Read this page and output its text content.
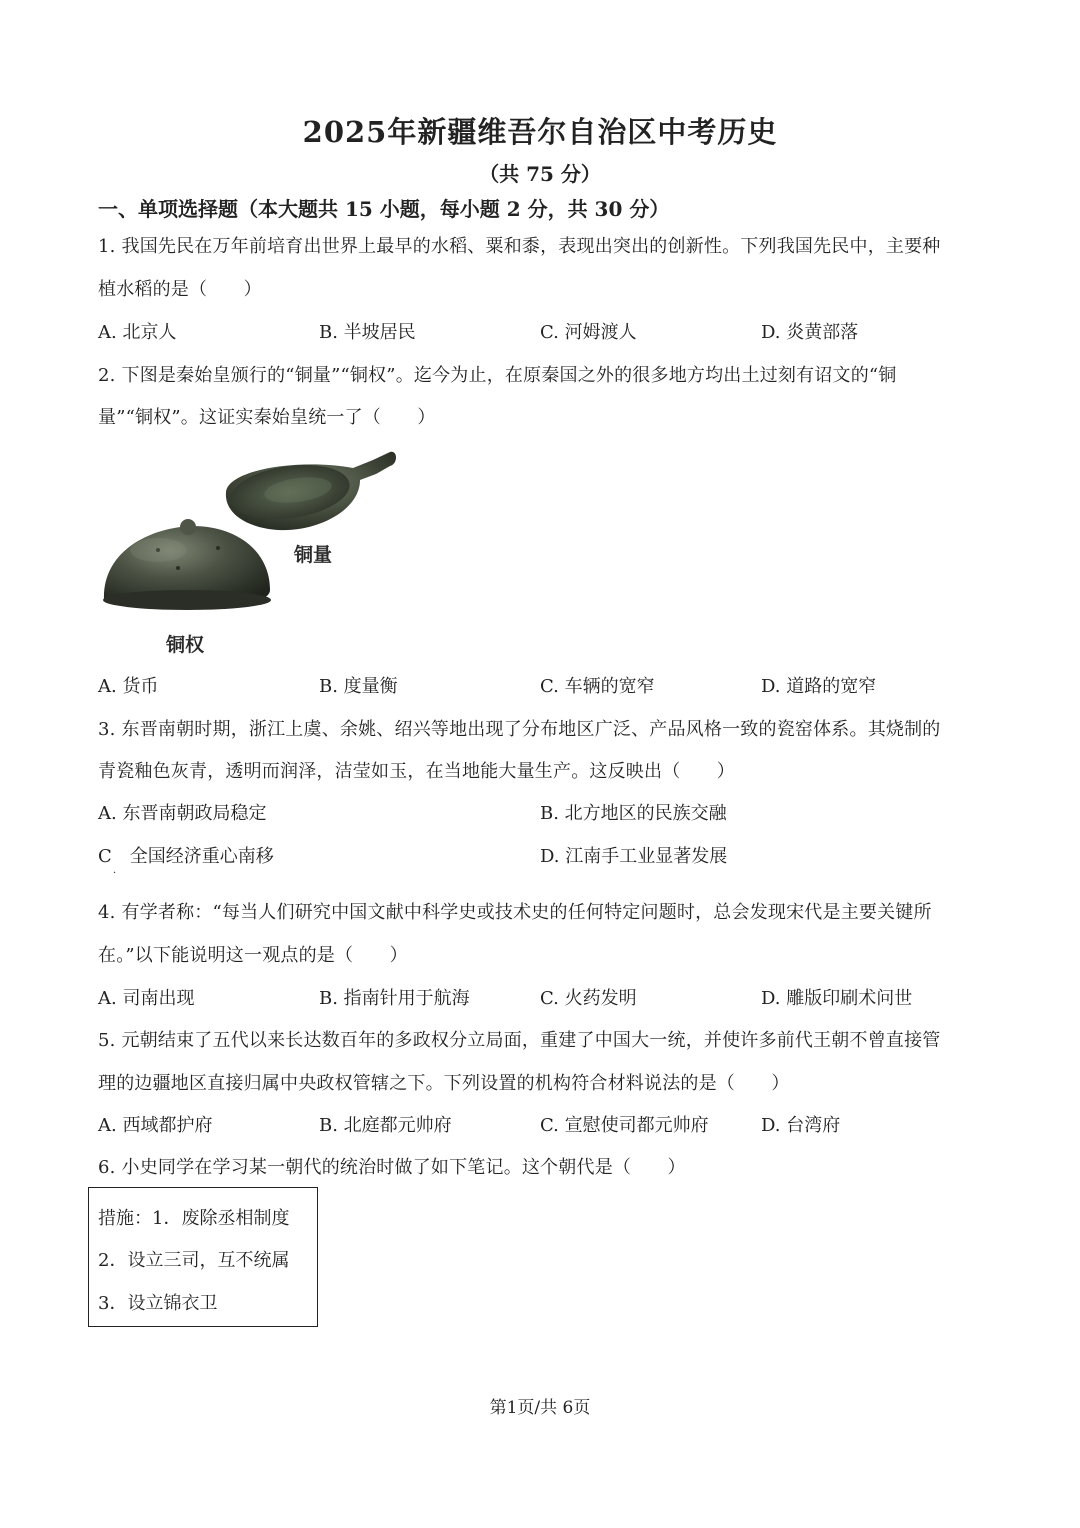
2025年新疆维吾尔自治区中考历史
（共 75 分）
一、单项选择题（本大题共 15 小题，每小题 2 分，共 30 分）
1. 我国先民在万年前培育出世界上最早的水稻、粟和黍，表现出突出的创新性。下列我国先民中，主要种
植水稻的是（　　）
A. 北京人	B. 半坡居民	C. 河姆渡人	D. 炎黄部落
2. 下图是秦始皇颁行的“铜量”“铜权”。迄今为止，在原秦国之外的很多地方均出土过刻有诏文的“铜
量”“铜权”。这证实秦始皇统一了（　　）
铜量
铜权
A. 货币	B. 度量衡	C. 车辆的宽窄	D. 道路的宽窄
3. 东晋南朝时期，浙江上虞、余姚、绍兴等地出现了分布地区广泛、产品风格一致的瓷窑体系。其烧制的
青瓷釉色灰青，透明而润泽，洁莹如玉，在当地能大量生产。这反映出（　　）
A. 东晋南朝政局稳定	B. 北方地区的民族交融
C　全国经济重心南移	D. 江南手工业显著发展
·
4. 有学者称：“每当人们研究中国文献中科学史或技术史的任何特定问题时，总会发现宋代是主要关键所
在。”以下能说明这一观点的是（　　）
A. 司南出现	B. 指南针用于航海	C. 火药发明	D. 雕版印刷术问世
5. 元朝结束了五代以来长达数百年的多政权分立局面，重建了中国大一统，并使许多前代王朝不曾直接管
理的边疆地区直接归属中央政权管辖之下。下列设置的机构符合材料说法的是（　　）
A. 西域都护府	B. 北庭都元帅府	C. 宣慰使司都元帅府	D. 台湾府
6. 小史同学在学习某一朝代的统治时做了如下笔记。这个朝代是（　　）
措施：1．废除丞相制度
2．设立三司，互不统属
3．设立锦衣卫
第1页/共 6页
